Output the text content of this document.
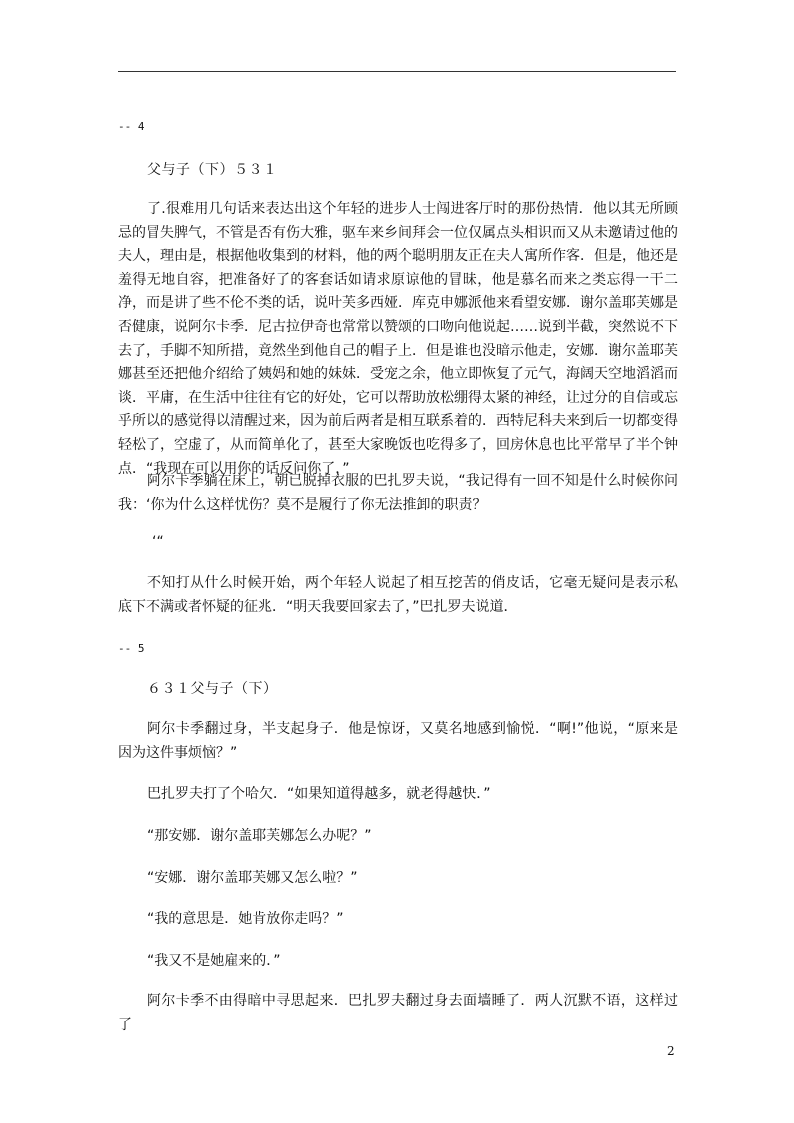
-- 4
父与子（下）５３１

了.很难用几句话来表达出这个年轻的进步人士闯进客厅时的那份热情．他以其无所顾忌的冒失脾气，不管是否有伤大雅，驱车来乡间拜会一位仅属点头相识而又从未邀请过他的夫人，理由是，根据他收集到的材料，他的两个聪明朋友正在夫人寓所作客．但是，他还是羞得无地自容，把准备好了的客套话如请求原谅他的冒昧，他是慕名而来之类忘得一干二净，而是讲了些不伦不类的话，说叶芙多西娅．库克申娜派他来看望安娜．谢尔盖耶芙娜是否健康，说阿尔卡季．尼古拉伊奇也常常以赞颂的口吻向他说起……说到半截，突然说不下去了，手脚不知所措，竟然坐到他自己的帽子上．但是谁也没暗示他走，安娜．谢尔盖耶芙娜甚至还把他介绍给了姨妈和她的妹妹．受宠之余，他立即恢复了元气，海阔天空地滔滔而谈．平庸，在生活中往往有它的好处，它可以帮助放松绷得太紧的神经，让过分的自信或忘乎所以的感觉得以清醒过来，因为前后两者是相互联系着的．西特尼科夫来到后一切都变得轻松了，空虚了，从而简单化了，甚至大家晚饭也吃得多了，回房休息也比平常早了半个钟点．“我现在可以用你的话反问你了，”

阿尔卡季躺在床上，朝已脱掉衣服的巴扎罗夫说，“我记得有一回不知是什么时候你问我：‘你为什么这样忧伤？莫不是履行了你无法推卸的职责？

‘“

不知打从什么时候开始，两个年轻人说起了相互挖苦的俏皮话，它毫无疑问是表示私底下不满或者怀疑的征兆．“明天我要回家去了，”巴扎罗夫说道．

-- 5
６３１父与子（下）

阿尔卡季翻过身，半支起身子．他是惊讶，又莫名地感到愉悦．“啊!”他说，“原来是因为这件事烦恼？”

巴扎罗夫打了个哈欠．“如果知道得越多，就老得越快．”
“那安娜．谢尔盖耶芙娜怎么办呢？”
“安娜．谢尔盖耶芙娜又怎么啦？”
“我的意思是．她肯放你走吗？”
“我又不是她雇来的．”

阿尔卡季不由得暗中寻思起来．巴扎罗夫翻过身去面墙睡了．两人沉默不语，这样过了

2
